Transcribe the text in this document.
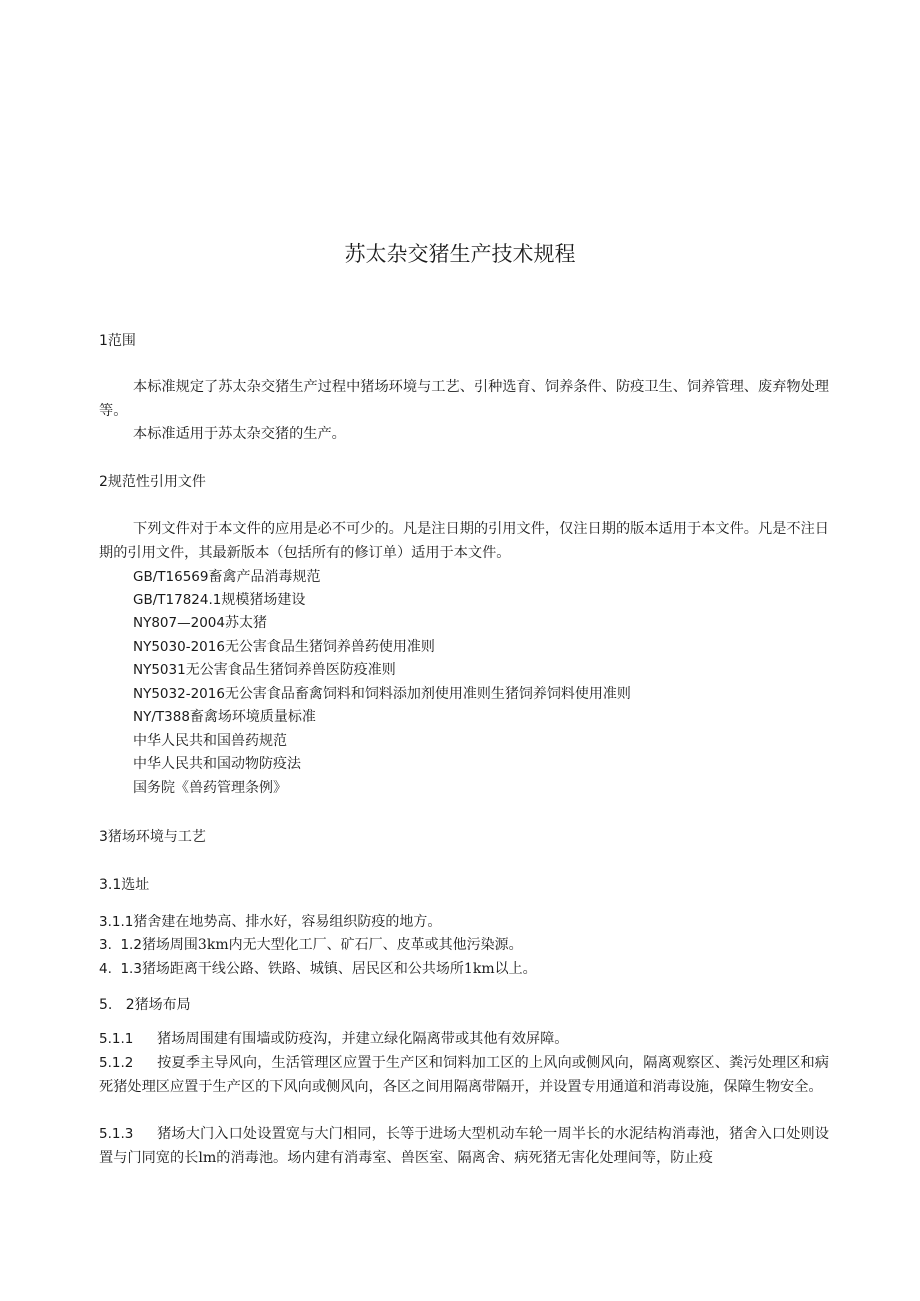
苏太杂交猪生产技术规程
1范围
本标准规定了苏太杂交猪生产过程中猪场环境与工艺、引种选育、饲养条件、防疫卫生、饲养管理、废弃物处理等。
本标准适用于苏太杂交猪的生产。
2规范性引用文件
下列文件对于本文件的应用是必不可少的。凡是注日期的引用文件，仅注日期的版本适用于本文件。凡是不注日期的引用文件，其最新版本（包括所有的修订单）适用于本文件。
GB/T16569畜禽产品消毒规范
GB/T17824.1规模猪场建设
NY807—2004苏太猪
NY5030-2016无公害食品生猪饲养兽药使用准则
NY5031无公害食品生猪饲养兽医防疫准则
NY5032-2016无公害食品畜禽饲料和饲料添加剂使用准则生猪饲养饲料使用准则
NY/T388畜禽场环境质量标准
中华人民共和国兽药规范
中华人民共和国动物防疫法
国务院《兽药管理条例》
3猪场环境与工艺
3.1选址
3.1.1猪舍建在地势高、排水好，容易组织防疫的地方。
3.  1.2猪场周围3km内无大型化工厂、矿石厂、皮革或其他污染源。
4.  1.3猪场距离干线公路、铁路、城镇、居民区和公共场所1km以上。
5.   2猪场布局
5.1.1 猪场周围建有围墙或防疫沟，并建立绿化隔离带或其他有效屏障。
5.1.2 按夏季主导风向，生活管理区应置于生产区和饲料加工区的上风向或侧风向，隔离观察区、粪污处理区和病死猪处理区应置于生产区的下风向或侧风向，各区之间用隔离带隔开，并设置专用通道和消毒设施，保障生物安全。
5.1.3 猪场大门入口处设置宽与大门相同，长等于进场大型机动车轮一周半长的水泥结构消毒池，猪舍入口处则设置与门同宽的长lm的消毒池。场内建有消毒室、兽医室、隔离舍、病死猪无害化处理间等，防止疫
